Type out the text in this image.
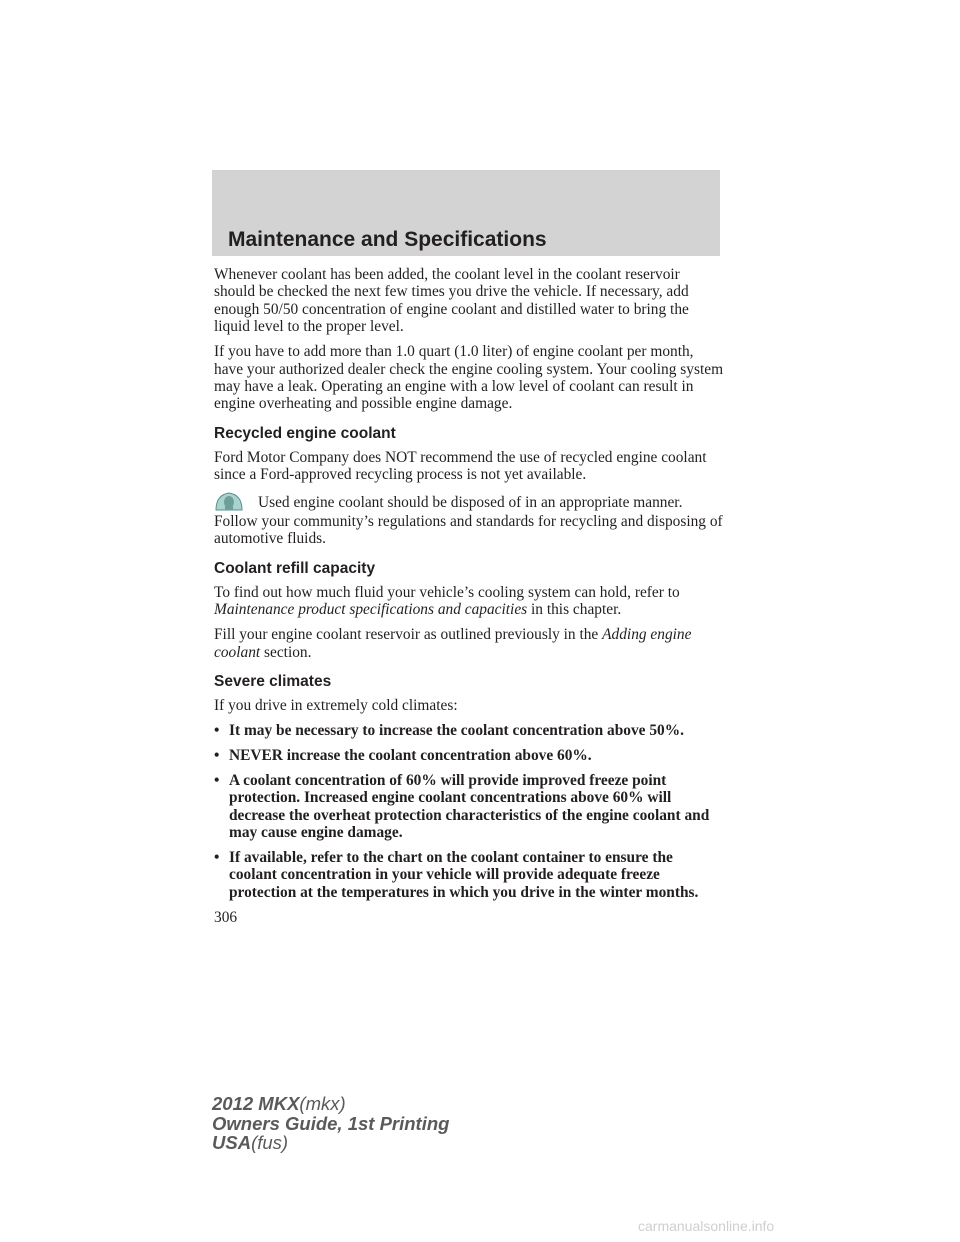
Maintenance and Specifications

Whenever coolant has been added, the coolant level in the coolant reservoir should be checked the next few times you drive the vehicle. If necessary, add enough 50/50 concentration of engine coolant and distilled water to bring the liquid level to the proper level.

If you have to add more than 1.0 quart (1.0 liter) of engine coolant per month, have your authorized dealer check the engine cooling system. Your cooling system may have a leak. Operating an engine with a low level of coolant can result in engine overheating and possible engine damage.

Recycled engine coolant

Ford Motor Company does NOT recommend the use of recycled engine coolant since a Ford-approved recycling process is not yet available.

Used engine coolant should be disposed of in an appropriate manner. Follow your community’s regulations and standards for recycling and disposing of automotive fluids.

Coolant refill capacity

To find out how much fluid your vehicle’s cooling system can hold, refer to Maintenance product specifications and capacities in this chapter.

Fill your engine coolant reservoir as outlined previously in the Adding engine coolant section.

Severe climates

If you drive in extremely cold climates:

• It may be necessary to increase the coolant concentration above 50%.
• NEVER increase the coolant concentration above 60%.
• A coolant concentration of 60% will provide improved freeze point protection. Increased engine coolant concentrations above 60% will decrease the overheat protection characteristics of the engine coolant and may cause engine damage.
• If available, refer to the chart on the coolant container to ensure the coolant concentration in your vehicle will provide adequate freeze protection at the temperatures in which you drive in the winter months.
306
2012 MKX(mkx)
Owners Guide, 1st Printing
USA(fus)
carmanualsonline.info
